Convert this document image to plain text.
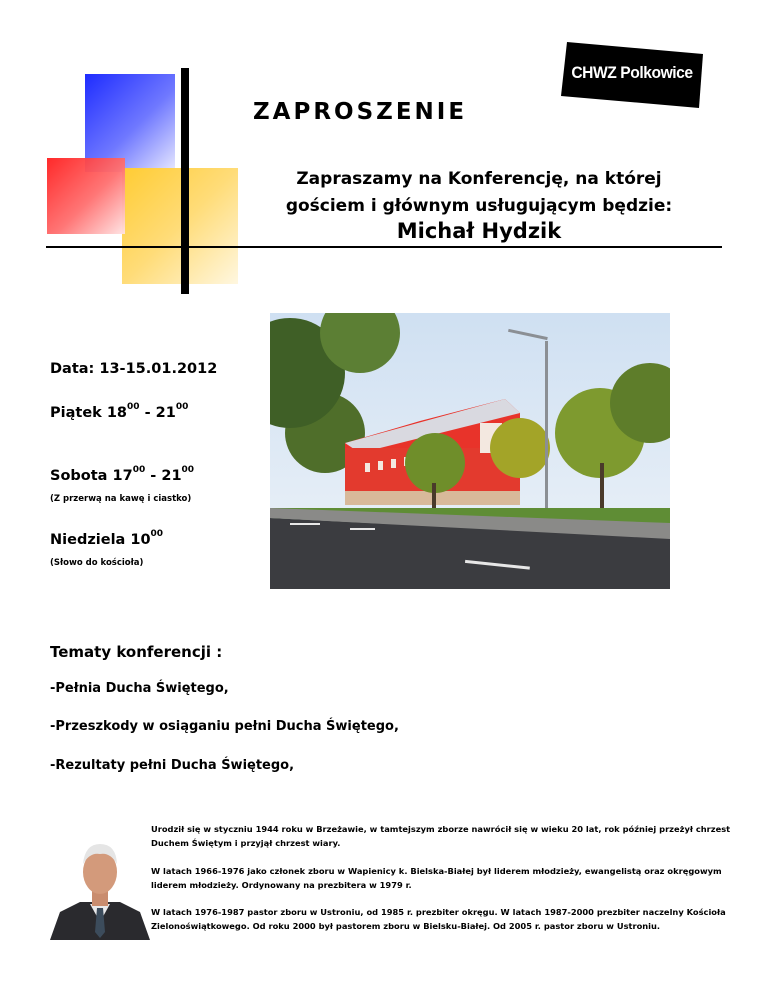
CHWZ Polkowice
ZAPROSZENIE
Zapraszamy na Konferencję, na której
gościem i głównym usługującym będzie:
Michał Hydzik
Data: 13-15.01.2012
Piątek $18^{00} - 21^{00}$
Sobota $17^{00} - 21^{00}$
(Z przerwą na kawę i ciastko)
Niedziela $10^{00}$
(Słowo do kościoła)
Tematy konferencji :
-Pełnia Ducha Świętego,
-Przeszkody w osiąganiu pełni Ducha Świętego,
-Rezultaty pełni Ducha Świętego,
Urodził się w styczniu 1944 roku w Brzeżawie, w tamtejszym zborze nawrócił się w wieku 20 lat, rok później przeżył chrzest Duchem Świętym i przyjął chrzest wiary.
W latach 1966-1976 jako członek zboru w Wapienicy k. Bielska-Białej był liderem młodzieży, ewangelistą oraz okręgowym liderem młodzieży. Ordynowany na prezbitera w 1979 r.
W latach 1976-1987 pastor zboru w Ustroniu, od 1985 r. prezbiter okręgu. W latach 1987-2000 prezbiter naczelny Kościoła Zielonoświątkowego. Od roku 2000 był pastorem zboru w Bielsku-Białej. Od 2005 r. pastor zboru w Ustroniu.
